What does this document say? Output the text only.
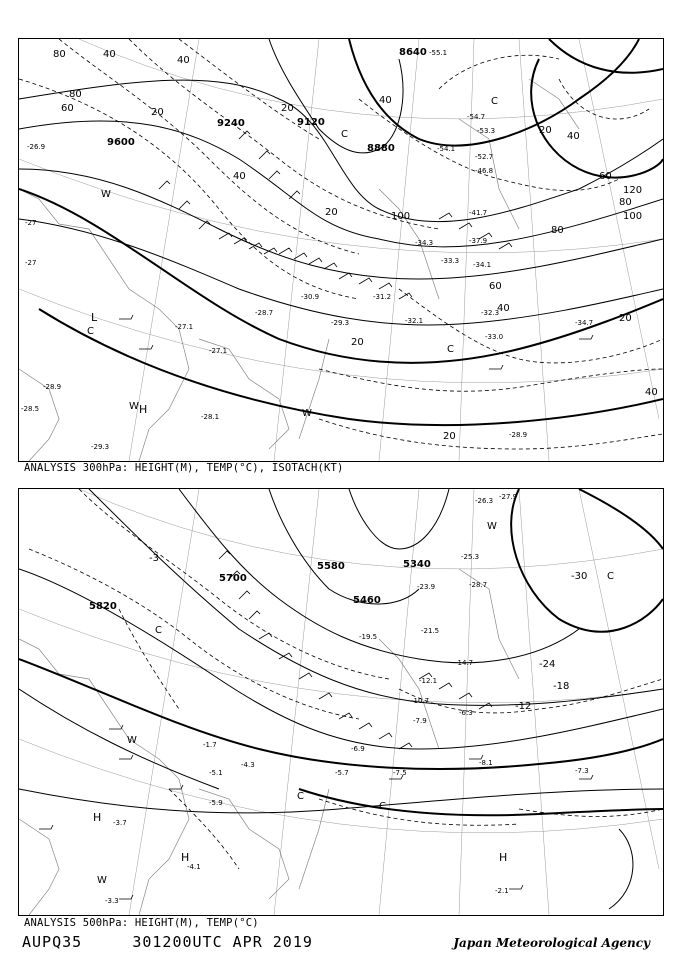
L
C
W
H
W
W
C
C
C
9600
9240	9120
8880
8640
80
80
60
40
40
20	20
20
40
40
20
40
60
80
100
120
100
80
60
40
20
40
20
20
-26.9
-27
-27
-27.1
-27.1
-28.1
-28.7
-29.3
-30.9	-31.2
-32.1
-32.3
-33.3 -34.1
-34.3	-37.9
-41.7
-46.8
-52.7
-53.3
-54.1
-54.7
-55.1
-34.7
-33.0
-28.9
-29.3
-28.5
-28.9
ANALYSIS 300hPa: HEIGHT(M), TEMP(°C), ISOTACH(KT)
C
W
C
C
W
H
H
W
H
C
5820
5700
5580
5460
5340
-3
-30
-24
-18
-12
-26.3 -27.9
-28.7
-25.3
-23.9
-21.5
-19.5
-14.7
-12.1
-10.7
-7.9
-6.3
-5.7	-7.5
-8.1
-7.3
-6.9
-5.9
-4.3
-2.1
-3.7
-3.3
-4.1
-5.1
-1.7
ANALYSIS 500hPa: HEIGHT(M), TEMP(°C)
AUPQ35	301200UTC APR 2019	Japan Meteorological Agency
